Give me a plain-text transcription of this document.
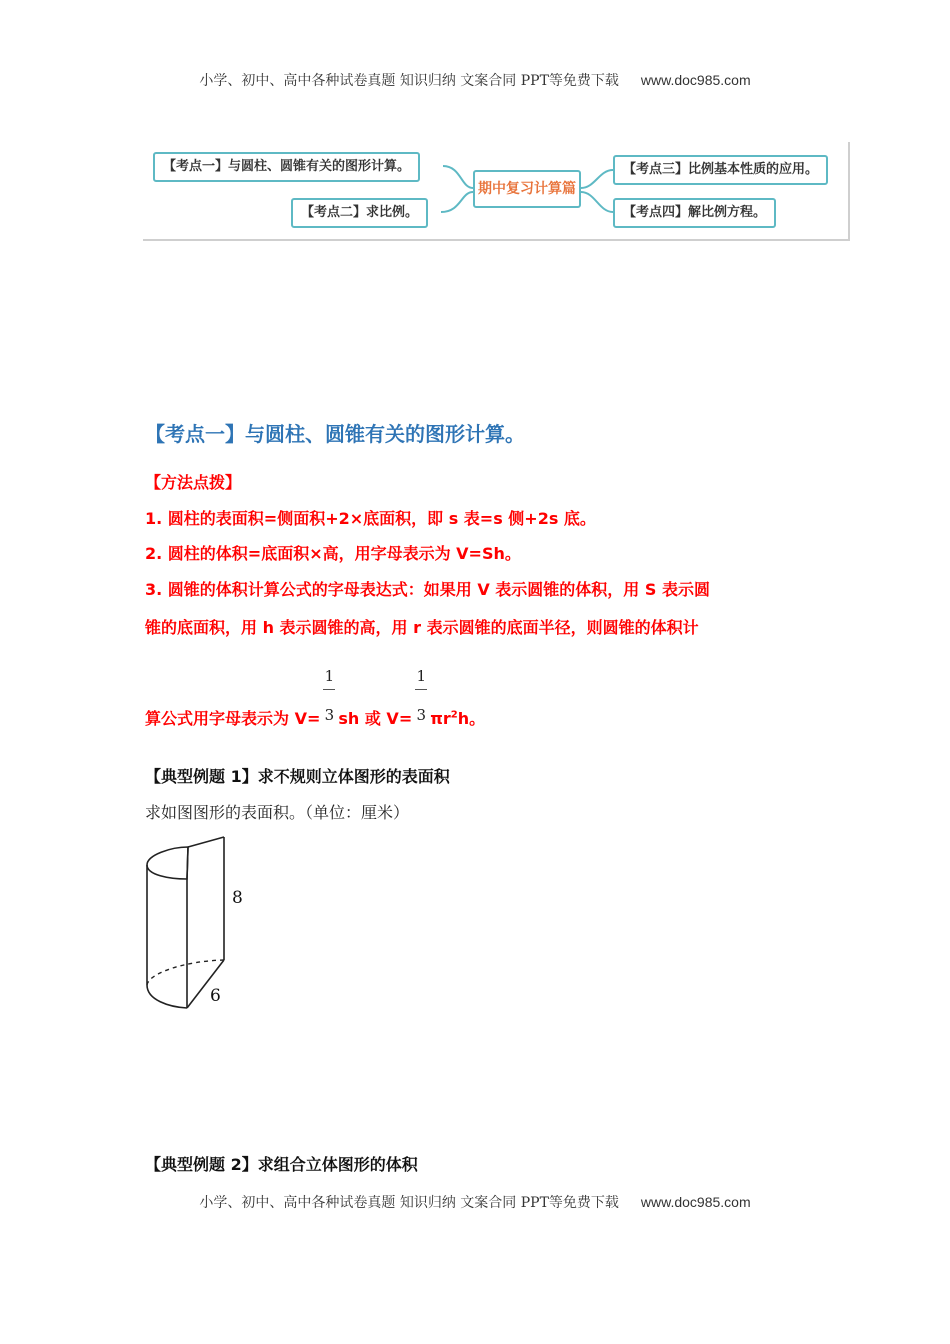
小学、初中、高中各种试卷真题 知识归纳 文案合同 PPT等免费下载 www.doc985.com
【考点一】与圆柱、圆锥有关的图形计算。
【考点二】求比例。
期中复习计算篇
【考点三】比例基本性质的应用。
【考点四】解比例方程。
【考点一】与圆柱、圆锥有关的图形计算。
【方法点拨】
1. 圆柱的表面积=侧面积+2×底面积，即 s 表=s 侧+2s 底。
2. 圆柱的体积=底面积×高，用字母表示为 V=Sh。
3. 圆锥的体积计算公式的字母表达式：如果用 V 表示圆锥的体积，用 S 表示圆
锥的底面积，用 h 表示圆锥的高，用 r 表示圆锥的底面半径，则圆锥的体积计
算公式用字母表示为 $V= \frac{1}{3}$ sh 或 $V= \frac{1}{3} \pi r^2h$。
【典型例题 1】求不规则立体图形的表面积
求如图图形的表面积。（单位：厘米）
8
6
【典型例题 2】求组合立体图形的体积
小学、初中、高中各种试卷真题 知识归纳 文案合同 PPT等免费下载 www.doc985.com
